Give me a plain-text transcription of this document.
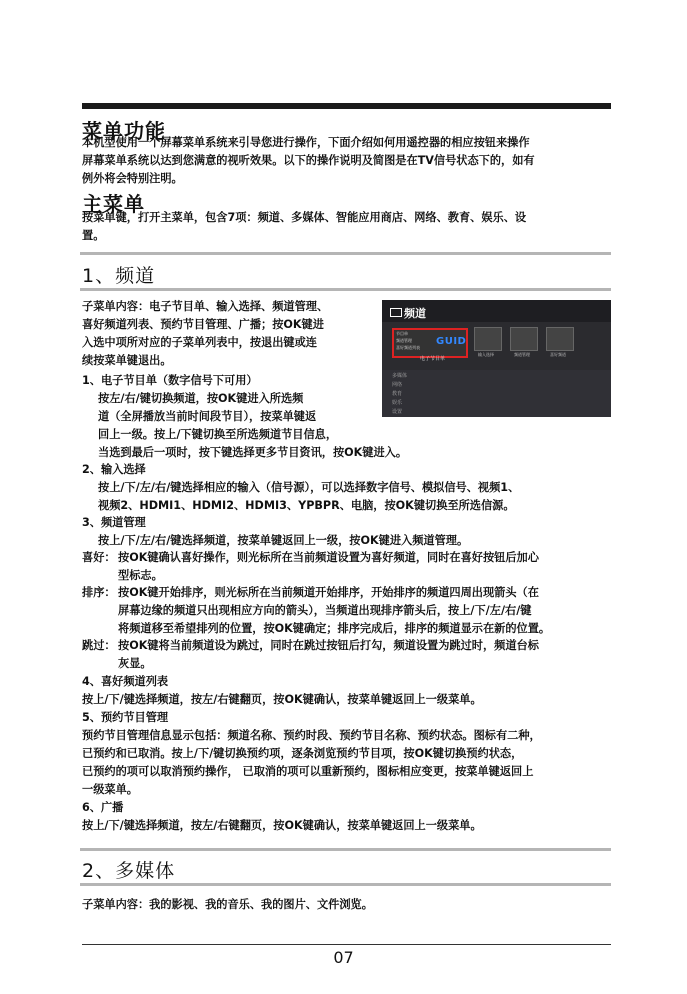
菜单功能
本机型使用一个屏幕菜单系统来引导您进行操作，下面介绍如何用遥控器的相应按钮来操作
屏幕菜单系统以达到您满意的视听效果。以下的操作说明及简图是在TV信号状态下的，如有
例外将会特别注明。
主菜单
按菜单键，打开主菜单，包含7项：频道、多媒体、智能应用商店、网络、教育、娱乐、设
置。
1、频道
频道
节目单
频道管理
喜好频道列表
GUID
电子节目单
输入选择	频道管理	喜好频道
多媒体
网络
教育
娱乐
设置
子菜单内容：电子节目单、输入选择、频道管理、
喜好频道列表、预约节目管理、广播；按OK键进
入选中项所对应的子菜单列表中，按退出键或连
续按菜单键退出。
1、电子节目单（数字信号下可用）
按左/右/键切换频道，按OK键进入所选频
道（全屏播放当前时间段节目），按菜单键返
回上一级。按上/下键切换至所选频道节目信息，
当选到最后一项时，按下键选择更多节目资讯，按OK键进入。
2、输入选择
按上/下/左/右/键选择相应的输入（信号源），可以选择数字信号、模拟信号、视频1、
视频2、HDMI1、HDMI2、HDMI3、YPBPR、电脑，按OK键切换至所选信源。
3、频道管理
按上/下/左/右/键选择频道，按菜单键返回上一级，按OK键进入频道管理。
喜好： 按OK键确认喜好操作，则光标所在当前频道设置为喜好频道，同时在喜好按钮后加心
型标志。
排序： 按OK键开始排序，则光标所在当前频道开始排序，开始排序的频道四周出现箭头（在
屏幕边缘的频道只出现相应方向的箭头），当频道出现排序箭头后，按上/下/左/右/键
将频道移至希望排列的位置，按OK键确定；排序完成后，排序的频道显示在新的位置。
跳过： 按OK键将当前频道设为跳过，同时在跳过按钮后打勾，频道设置为跳过时，频道台标
灰显。
4、喜好频道列表
按上/下/键选择频道，按左/右键翻页，按OK键确认，按菜单键返回上一级菜单。
5、预约节目管理
预约节目管理信息显示包括：频道名称、预约时段、预约节目名称、预约状态。图标有二种，
已预约和已取消。按上/下/键切换预约项，逐条浏览预约节目项，按OK键切换预约状态，
已预约的项可以取消预约操作， 已取消的项可以重新预约，图标相应变更，按菜单键返回上
一级菜单。
6、广播
按上/下/键选择频道，按左/右键翻页，按OK键确认，按菜单键返回上一级菜单。
2、多媒体
子菜单内容：我的影视、我的音乐、我的图片、文件浏览。
07
